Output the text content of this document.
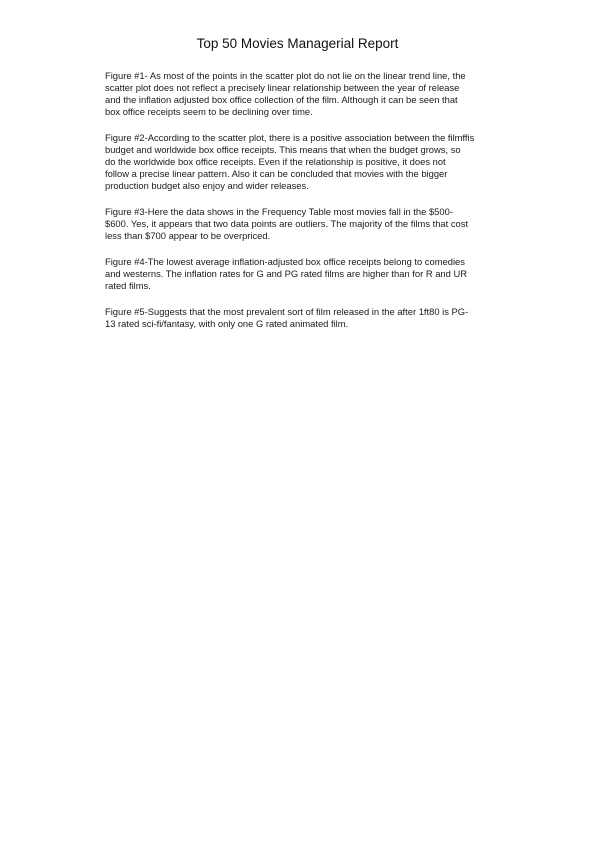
Top 50 Movies Managerial Report

Figure #1- As most of the points in the scatter plot do not lie on the linear trend line, the
scatter plot does not reflect a precisely linear relationship between the year of release
and the inflation adjusted box office collection of the film. Although it can be seen that
box office receipts seem to be declining over time.

Figure #2-According to the scatter plot, there is a positive association between the filmffis
budget and worldwide box office receipts. This means that when the budget grows, so
do the worldwide box office receipts. Even if the relationship is positive, it does not
follow a precise linear pattern. Also it can be concluded that movies with the bigger
production budget also enjoy and wider releases.

Figure #3-Here the data shows in the Frequency Table most movies fall in the $500-
$600. Yes, it appears that two data points are outliers. The majority of the films that cost
less than $700 appear to be overpriced.

Figure #4-The lowest average inflation-adjusted box office receipts belong to comedies
and westerns. The inflation rates for G and PG rated films are higher than for R and UR
rated films.

Figure #5-Suggests that the most prevalent sort of film released in the after 1ft80 is PG-
13 rated sci-fi/fantasy, with only one G rated animated film.
